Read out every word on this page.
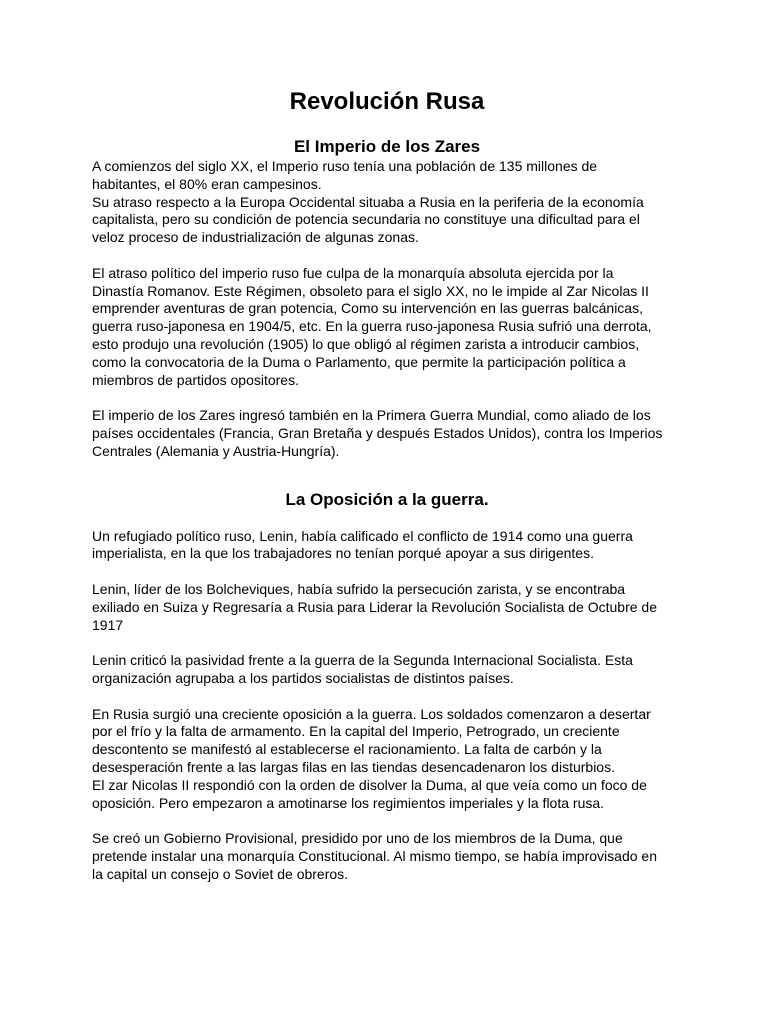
Revolución Rusa
El Imperio de los Zares

A comienzos del siglo XX, el Imperio ruso tenía una población de 135 millones de
habitantes, el 80% eran campesinos.
Su atraso respecto a la Europa Occidental situaba a Rusia en la periferia de la economía
capitalista, pero su condición de potencia secundaria no constituye una dificultad para el
veloz proceso de industrialización de algunas zonas.

El atraso político del imperio ruso fue culpa de la monarquía absoluta ejercida por la
Dinastía Romanov. Este Régimen, obsoleto para el siglo XX, no le impide al Zar Nicolas II
emprender aventuras de gran potencia, Como su intervención en las guerras balcánicas,
guerra ruso-japonesa en 1904/5, etc. En la guerra ruso-japonesa Rusia sufrió una derrota,
esto produjo una revolución (1905) lo que obligó al régimen zarista a introducir cambios,
como la convocatoria de la Duma o Parlamento, que permite la participación política a
miembros de partidos opositores.

El imperio de los Zares ingresó también en la Primera Guerra Mundial, como aliado de los
países occidentales (Francia, Gran Bretaña y después Estados Unidos), contra los Imperios
Centrales (Alemania y Austria-Hungría).

La Oposición a la guerra.

Un refugiado político ruso, Lenin, había calificado el conflicto de 1914 como una guerra
imperialista, en la que los trabajadores no tenían porqué apoyar a sus dirigentes.

Lenin, líder de los Bolcheviques, había sufrido la persecución zarista, y se encontraba
exiliado en Suiza y Regresaría a Rusia para Liderar la Revolución Socialista de Octubre de
1917

Lenin criticó la pasividad frente a la guerra de la Segunda Internacional Socialista. Esta
organización agrupaba a los partidos socialistas de distintos países.

En Rusia surgió una creciente oposición a la guerra. Los soldados comenzaron a desertar
por el frío y la falta de armamento. En la capital del Imperio, Petrogrado, un creciente
descontento se manifestó al establecerse el racionamiento. La falta de carbón y la
desesperación frente a las largas filas en las tiendas desencadenaron los disturbios.
El zar Nicolas II respondió con la orden de disolver la Duma, al que veía como un foco de
oposición. Pero empezaron a amotinarse los regimientos imperiales y la flota rusa.

Se creó un Gobierno Provisional, presidido por uno de los miembros de la Duma, que
pretende instalar una monarquía Constitucional. Al mismo tiempo, se había improvisado en
la capital un consejo o Soviet de obreros.
